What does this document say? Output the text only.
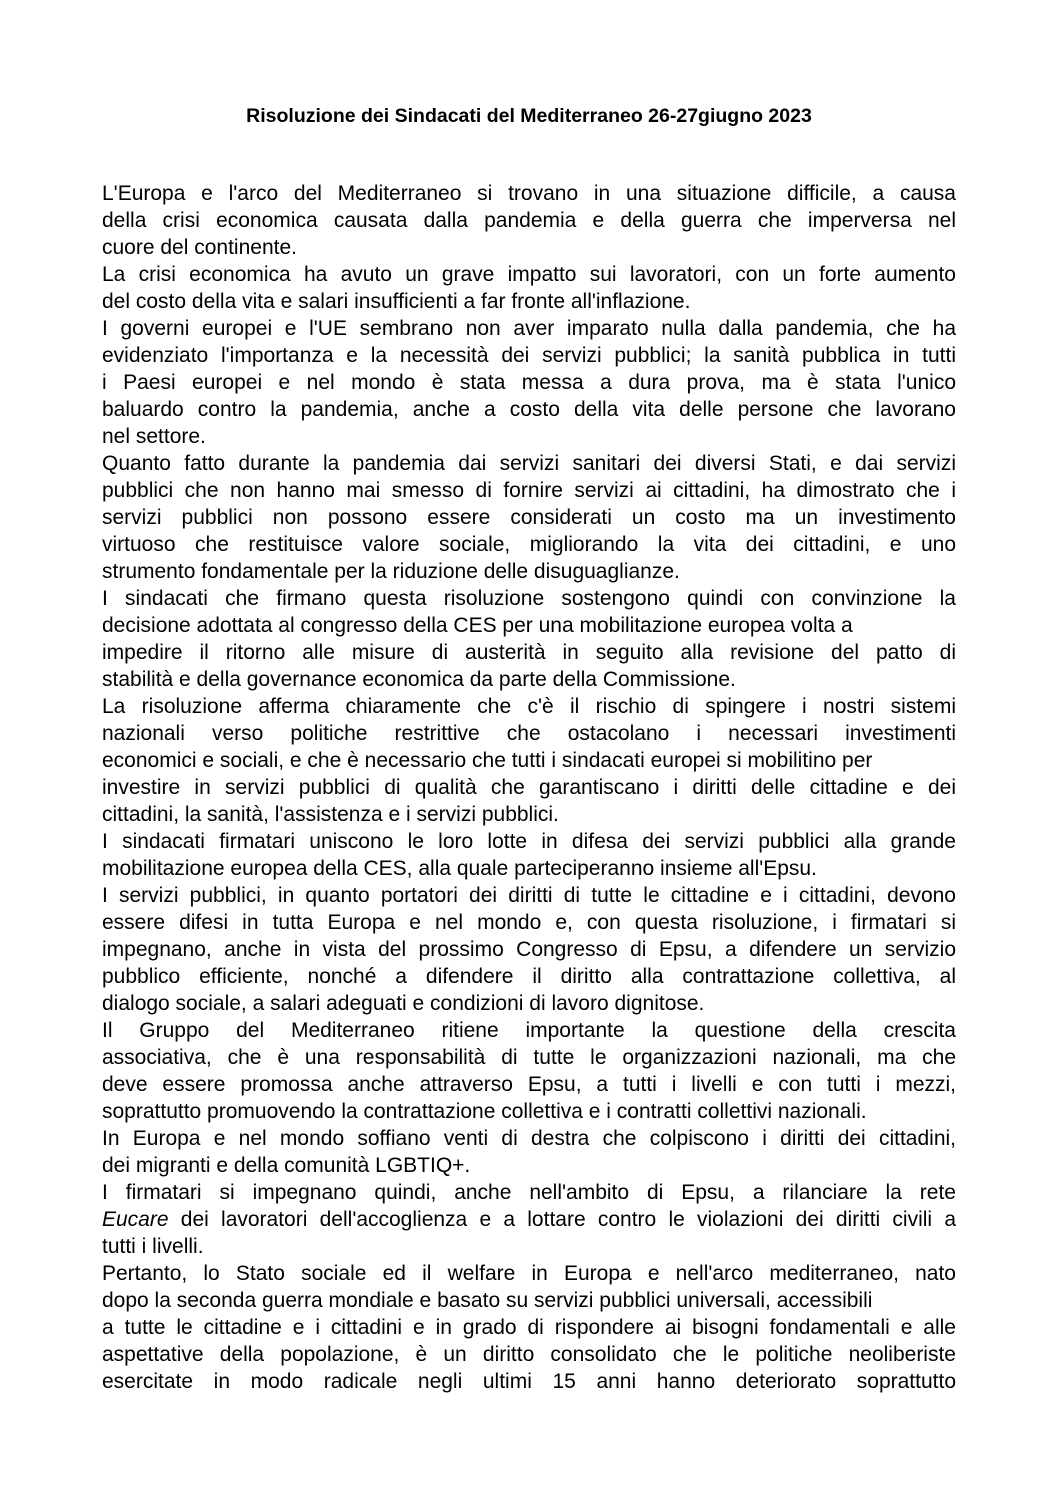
Risoluzione dei Sindacati del Mediterraneo 26-27giugno 2023
L'Europa e l'arco del Mediterraneo si trovano in una situazione difficile, a causa
della crisi economica causata dalla pandemia e della guerra che imperversa nel
cuore del continente.
La crisi economica ha avuto un grave impatto sui lavoratori, con un forte aumento
del costo della vita e salari insufficienti a far fronte all'inflazione.
I governi europei e l'UE sembrano non aver imparato nulla dalla pandemia, che ha
evidenziato l'importanza e la necessità dei servizi pubblici; la sanità pubblica in tutti
i Paesi europei e nel mondo è stata messa a dura prova, ma è stata l'unico
baluardo contro la pandemia, anche a costo della vita delle persone che lavorano
nel settore.
Quanto fatto durante la pandemia dai servizi sanitari dei diversi Stati, e dai servizi
pubblici che non hanno mai smesso di fornire servizi ai cittadini, ha dimostrato che i
servizi pubblici non possono essere considerati un costo ma un investimento
virtuoso che restituisce valore sociale, migliorando la vita dei cittadini, e uno
strumento fondamentale per la riduzione delle disuguaglianze.
I sindacati che firmano questa risoluzione sostengono quindi con convinzione la
decisione adottata al congresso della CES per una mobilitazione europea volta a
impedire il ritorno alle misure di austerità in seguito alla revisione del patto di
stabilità e della governance economica da parte della Commissione.
La risoluzione afferma chiaramente che c'è il rischio di spingere i nostri sistemi
nazionali verso politiche restrittive che ostacolano i necessari investimenti
economici e sociali, e che è necessario che tutti i sindacati europei si mobilitino per
investire in servizi pubblici di qualità che garantiscano i diritti delle cittadine e dei
cittadini, la sanità, l'assistenza e i servizi pubblici.
I sindacati firmatari uniscono le loro lotte in difesa dei servizi pubblici alla grande
mobilitazione europea della CES, alla quale parteciperanno insieme all'Epsu.
I servizi pubblici, in quanto portatori dei diritti di tutte le cittadine e i cittadini, devono
essere difesi in tutta Europa e nel mondo e, con questa risoluzione, i firmatari si
impegnano, anche in vista del prossimo Congresso di Epsu, a difendere un servizio
pubblico efficiente, nonché a difendere il diritto alla contrattazione collettiva, al
dialogo sociale, a salari adeguati e condizioni di lavoro dignitose.
Il Gruppo del Mediterraneo ritiene importante la questione della crescita
associativa, che è una responsabilità di tutte le organizzazioni nazionali, ma che
deve essere promossa anche attraverso Epsu, a tutti i livelli e con tutti i mezzi,
soprattutto promuovendo la contrattazione collettiva e i contratti collettivi nazionali.
In Europa e nel mondo soffiano venti di destra che colpiscono i diritti dei cittadini,
dei migranti e della comunità LGBTIQ+.
I firmatari si impegnano quindi, anche nell'ambito di Epsu, a rilanciare la rete
Eucare dei lavoratori dell'accoglienza e a lottare contro le violazioni dei diritti civili a
tutti i livelli.
Pertanto, lo Stato sociale ed il welfare in Europa e nell'arco mediterraneo, nato
dopo la seconda guerra mondiale e basato su servizi pubblici universali, accessibili
a tutte le cittadine e i cittadini e in grado di rispondere ai bisogni fondamentali e alle
aspettative della popolazione, è un diritto consolidato che le politiche neoliberiste
esercitate in modo radicale negli ultimi 15 anni hanno deteriorato soprattutto
